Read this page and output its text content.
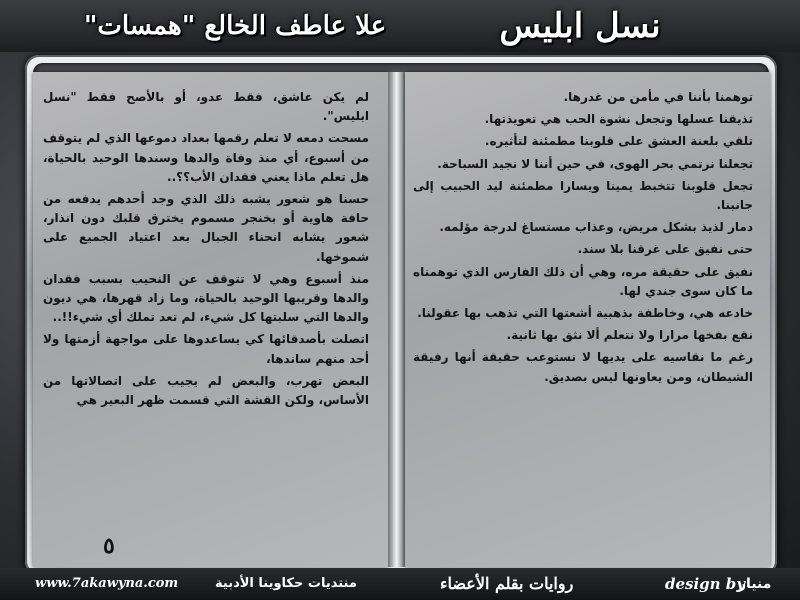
"علا عاطف الخالع "همسات	نسل ابليس

لم يكن عاشق، فقط عدو، أو بالأصح فقط "نسل ابليس".

مسحت دمعه لا تعلم رقمها بعداد دموعها الذي لم يتوقف من أسبوع، أي منذ وفاة والدها وسندها الوحيد بالحياة، هل تعلم ماذا يعني فقدان الأب؟؟..

حسنا هو شعور يشبه ذلك الذي وجد أحدهم يدفعه من حافة هاوية أو بخنجر مسموم يخترق قلبك دون انذار، شعور يشابه انحناء الجبال بعد اعتياد الجميع على شموخها.

منذ أسبوع وهي لا تتوقف عن النحيب بسبب فقدان والدها وقريبها الوحيد بالحياة، وما زاد قهرها، هي ديون والدها التي سلبتها كل شيء، لم تعد تملك أي شيء!!..

اتصلت بأصدقائها كي يساعدوها على مواجهة أزمتها ولا أحد منهم ساندها،

البعض تهرب، والبعض لم يجيب على اتصالاتها من الأساس، ولكن القشة التي قسمت ظهر البعير هي

٥

توهمنا بأننا في مأمن من غدرها.

تذيقنا عسلها وتجعل نشوة الحب هي تعويذتها.

تلقي بلعنة العشق على قلوبنا مطمئنة لتأثيره.

تجعلنا نرتمي بحر الهوى، في حين أننا لا نجيد السباحة.

تجعل قلوبنا تتخبط يمينا ويسارا مطمئنة ليد الحبيب إلى جانبنا.

دمار لذيذ بشكل مريض، وعذاب مستساغ لدرجة مؤلمه.

حتى نفيق على غرقنا بلا سند.

نفيق على حقيقة مره، وهي أن ذلك الفارس الذي توهمناه ما كان سوى جندي لها.

خادعه هي، وخاطفة بذهبية أشعتها التي تذهب بها عقولنا.

نقع بفخها مرارا ولا نتعلم ألا نثق بها ثانية.

رغم ما نقاسيه على يديها لا نستوعب حقيقة أنها رفيقة الشيطان، ومن يعاونها ليس بصديق.

www.7akawyna.com	منتديات حكاوينا الأدبية	روايات بقلم الأعضاء	design by
منيار
